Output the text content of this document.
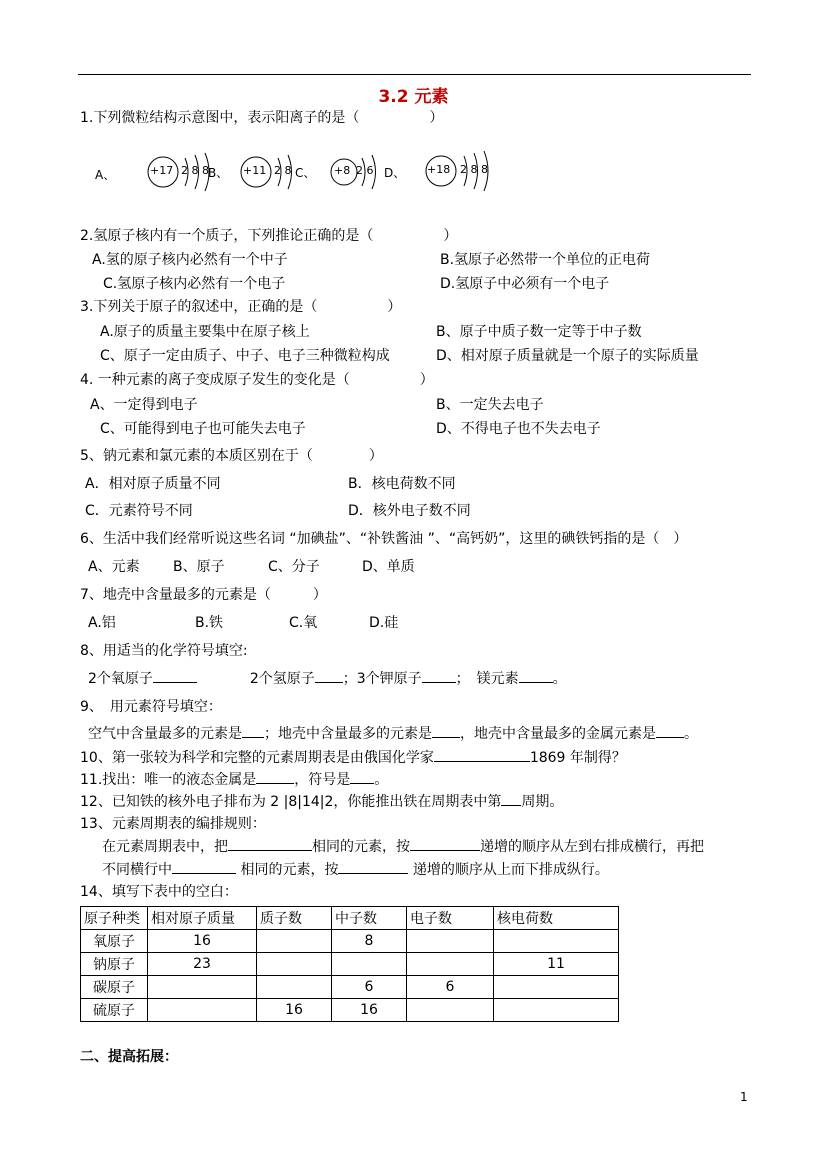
3.2 元素
1.下列微粒结构示意图中，表示阳离子的是（　　　　　）
A、	B、	C、	D、
+17 2 8 8	+11 2 8	+8 2 6	+18 2 8 8
2.氢原子核内有一个质子，下列推论正确的是（　　　　　）
A.氢的原子核内必然有一个中子	B.氢原子必然带一个单位的正电荷
C.氢原子核内必然有一个电子	D.氢原子中必须有一个电子
3.下列关于原子的叙述中，正确的是（　　　　　）
A.原子的质量主要集中在原子核上	B、原子中质子数一定等于中子数
C、原子一定由质子、中子、电子三种微粒构成	D、相对原子质量就是一个原子的实际质量
4. 一种元素的离子变成原子发生的变化是（　　　　　）
A、一定得到电子	B、一定失去电子
C、可能得到电子也可能失去电子	D、不得电子也不失去电子
5、钠元素和氯元素的本质区别在于（　　　　）
A．相对原子质量不同	B．核电荷数不同
C．元素符号不同	D．核外电子数不同
6、生活中我们经常听说这些名词 “加碘盐”、“补铁酱油 ”、“高钙奶”，这里的碘铁钙指的是（　）
A、元素 B、原子	C、分子	D、单质
7、地壳中含量最多的元素是（　　　）
A.铝	B.铁	C.氧	D.硅
8、用适当的化学符号填空:
2个氧原子	2个氢原子 ；3个钾原子 ；　镁元素 。
9、　用元素符号填空：
空气中含量最多的元素是 ；地壳中含量最多的元素是 ，地壳中含量最多的金属元素是 。
10、第一张较为科学和完整的元素周期表是由俄国化学家	1869 年制得？
11.找出：唯一的液态金属是	，符号是 。
12、已知铁的核外电子排布为 2 |8|14|2，你能推出铁在周期表中第 周期。
13、元素周期表的编排规则：
在元素周期表中，把	相同的元素，按	递增的顺序从左到右排成横行，再把
不同横行中	相同的元素，按	递增的顺序从上而下排成纵行。
14、填写下表中的空白：
原子种类	相对原子质量	质子数	中子数	电子数	核电荷数
氧原子	16		8		
钠原子	23				11
碳原子			6	6	
硫原子		16	16		
二、提高拓展：
1
